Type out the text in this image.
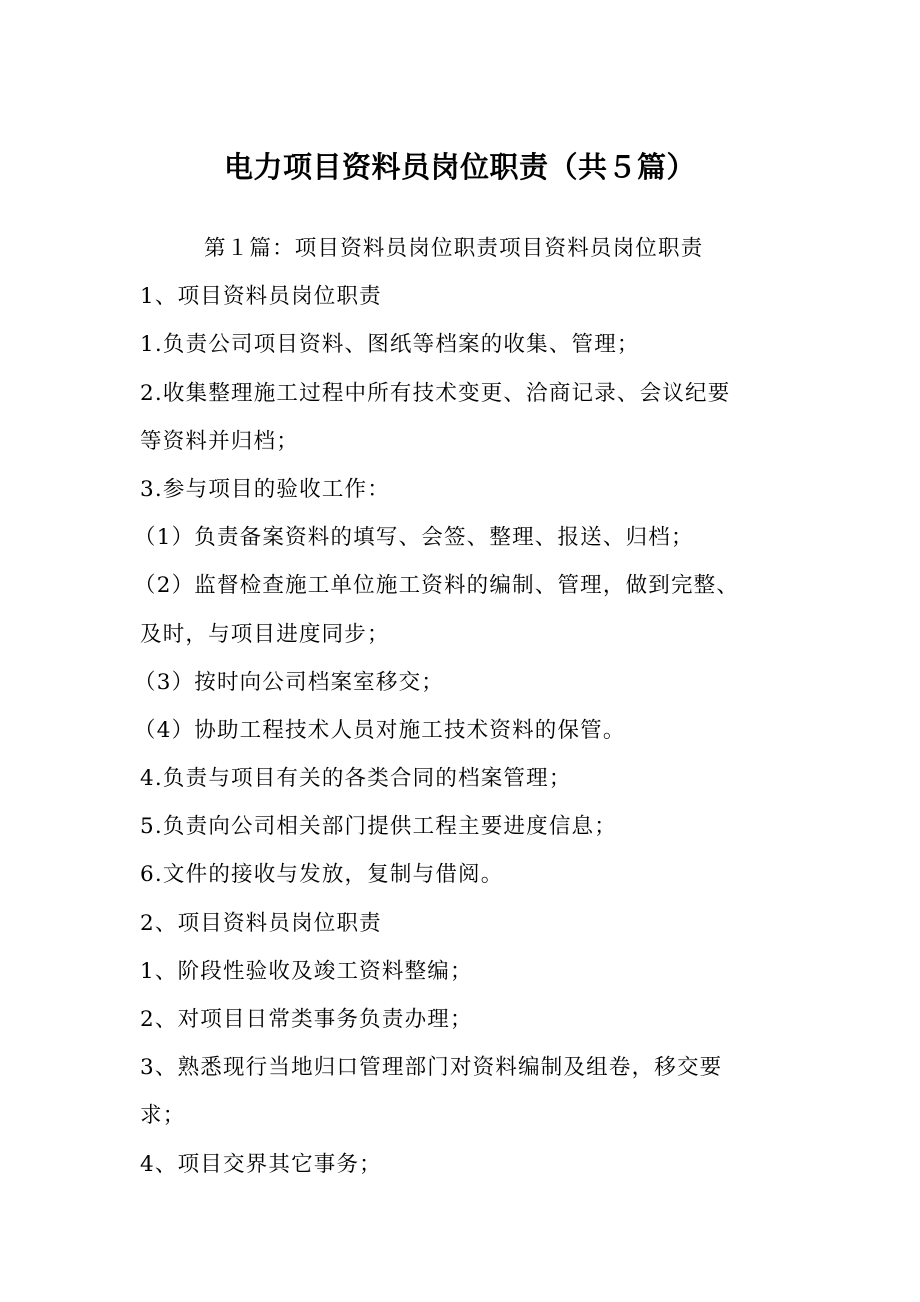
电力项目资料员岗位职责（共５篇）
第１篇：项目资料员岗位职责项目资料员岗位职责
1、项目资料员岗位职责
1.负责公司项目资料、图纸等档案的收集、管理；
2.收集整理施工过程中所有技术变更、洽商记录、会议纪要
等资料并归档；
3.参与项目的验收工作：
（1）负责备案资料的填写、会签、整理、报送、归档；
（2）监督检查施工单位施工资料的编制、管理，做到完整、
及时，与项目进度同步；
（3）按时向公司档案室移交；
（4）协助工程技术人员对施工技术资料的保管。
4.负责与项目有关的各类合同的档案管理；
5.负责向公司相关部门提供工程主要进度信息；
6.文件的接收与发放，复制与借阅。
2、项目资料员岗位职责
1、阶段性验收及竣工资料整编；
2、对项目日常类事务负责办理；
3、熟悉现行当地归口管理部门对资料编制及组卷，移交要
求；
4、项目交界其它事务；
